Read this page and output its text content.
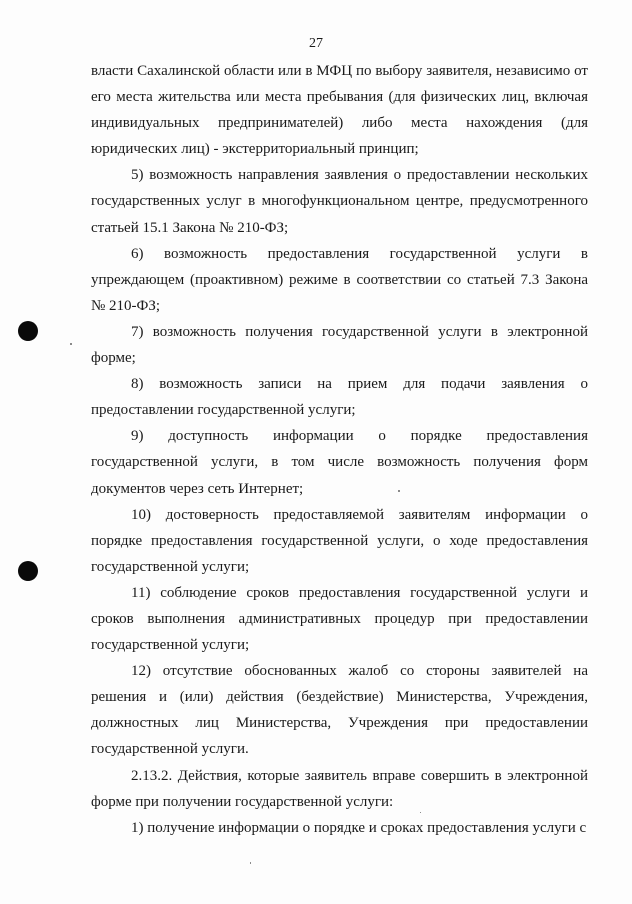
27

власти Сахалинской области или в МФЦ по выбору заявителя, независимо от его места жительства или места пребывания (для физических лиц, включая индивидуальных предпринимателей) либо места нахождения (для юридических лиц) - экстерриториальный принцип;

5) возможность направления заявления о предоставлении нескольких государственных услуг в многофункциональном центре, предусмотренного статьей 15.1 Закона № 210-ФЗ;

6) возможность предоставления государственной услуги в упреждающем (проактивном) режиме в соответствии со статьей 7.3 Закона № 210-ФЗ;

7) возможность получения государственной услуги в электронной форме;

8) возможность записи на прием для подачи заявления о предоставлении государственной услуги;

9) доступность информации о порядке предоставления государственной услуги, в том числе возможность получения форм документов через сеть Интернет;

10) достоверность предоставляемой заявителям информации о порядке предоставления государственной услуги, о ходе предоставления государственной услуги;

11) соблюдение сроков предоставления государственной услуги и сроков выполнения административных процедур при предоставлении государственной услуги;

12) отсутствие обоснованных жалоб со стороны заявителей на решения и (или) действия (бездействие) Министерства, Учреждения, должностных лиц Министерства, Учреждения при предоставлении государственной услуги.

2.13.2. Действия, которые заявитель вправе совершить в электронной форме при получении государственной услуги:

1) получение информации о порядке и сроках предоставления услуги с
